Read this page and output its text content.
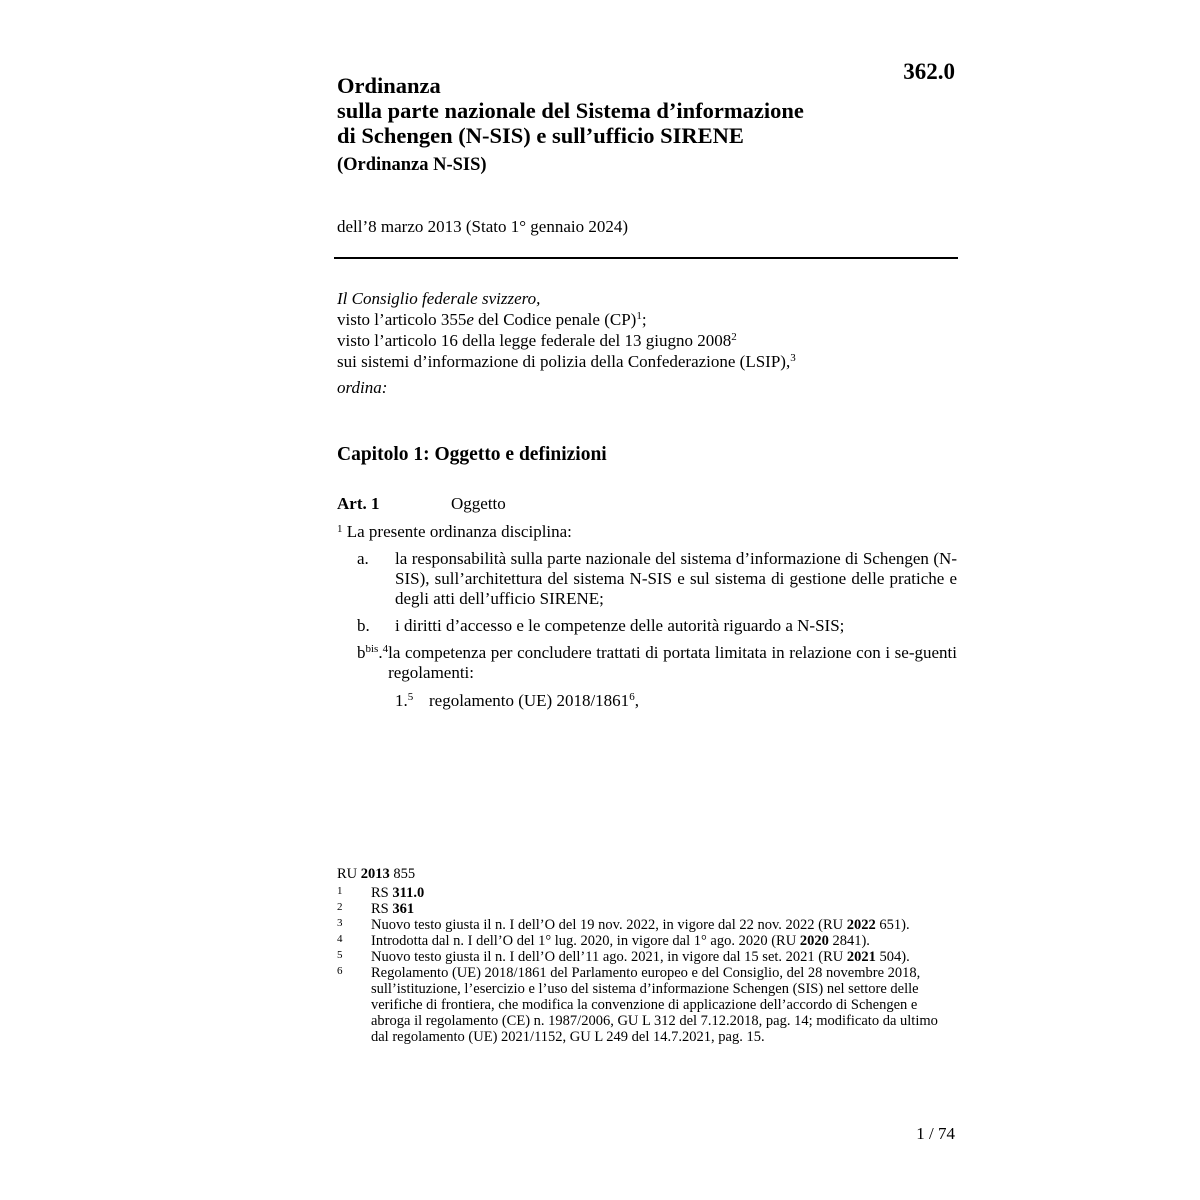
362.0
Ordinanza
sulla parte nazionale del Sistema d’informazione
di Schengen (N-SIS) e sull’ufficio SIRENE
(Ordinanza N-SIS)
dell’8 marzo 2013 (Stato 1° gennaio 2024)
Il Consiglio federale svizzero,
visto l’articolo 355e del Codice penale (CP)$^1$;
visto l’articolo 16 della legge federale del 13 giugno 2008$^2$
sui sistemi d’informazione di polizia della Confederazione (LSIP),$^3$
ordina:
Capitolo 1: Oggetto e definizioni
Art. 1	Oggetto
$^1$ La presente ordinanza disciplina:
a.	la responsabilità sulla parte nazionale del sistema d’informazione di Schengen (N-SIS), sull’architettura del sistema N-SIS e sul sistema di gestione delle pratiche e degli atti dell’ufficio SIRENE;
b.	i diritti d’accesso e le competenze delle autorità riguardo a N-SIS;
$b^{bis}.^4$ la competenza per concludere trattati di portata limitata in relazione con i se-guenti regolamenti:
1.$^5$ regolamento (UE) 2018/1861$^6$,
RU 2013 855
1	RS 311.0
2	RS 361
3	Nuovo testo giusta il n. I dell’O del 19 nov. 2022, in vigore dal 22 nov. 2022 (RU 2022 651).
4	Introdotta dal n. I dell’O del 1° lug. 2020, in vigore dal 1° ago. 2020 (RU 2020 2841).
5	Nuovo testo giusta il n. I dell’O dell’11 ago. 2021, in vigore dal 15 set. 2021 (RU 2021 504).
6	Regolamento (UE) 2018/1861 del Parlamento europeo e del Consiglio, del 28 novembre 2018, sull’istituzione, l’esercizio e l’uso del sistema d’informazione Schengen (SIS) nel settore delle verifiche di frontiera, che modifica la convenzione di applicazione dell’accordo di Schengen e abroga il regolamento (CE) n. 1987/2006, GU L 312 del 7.12.2018, pag. 14; modificato da ultimo dal regolamento (UE) 2021/1152, GU L 249 del 14.7.2021, pag. 15.
1 / 74
